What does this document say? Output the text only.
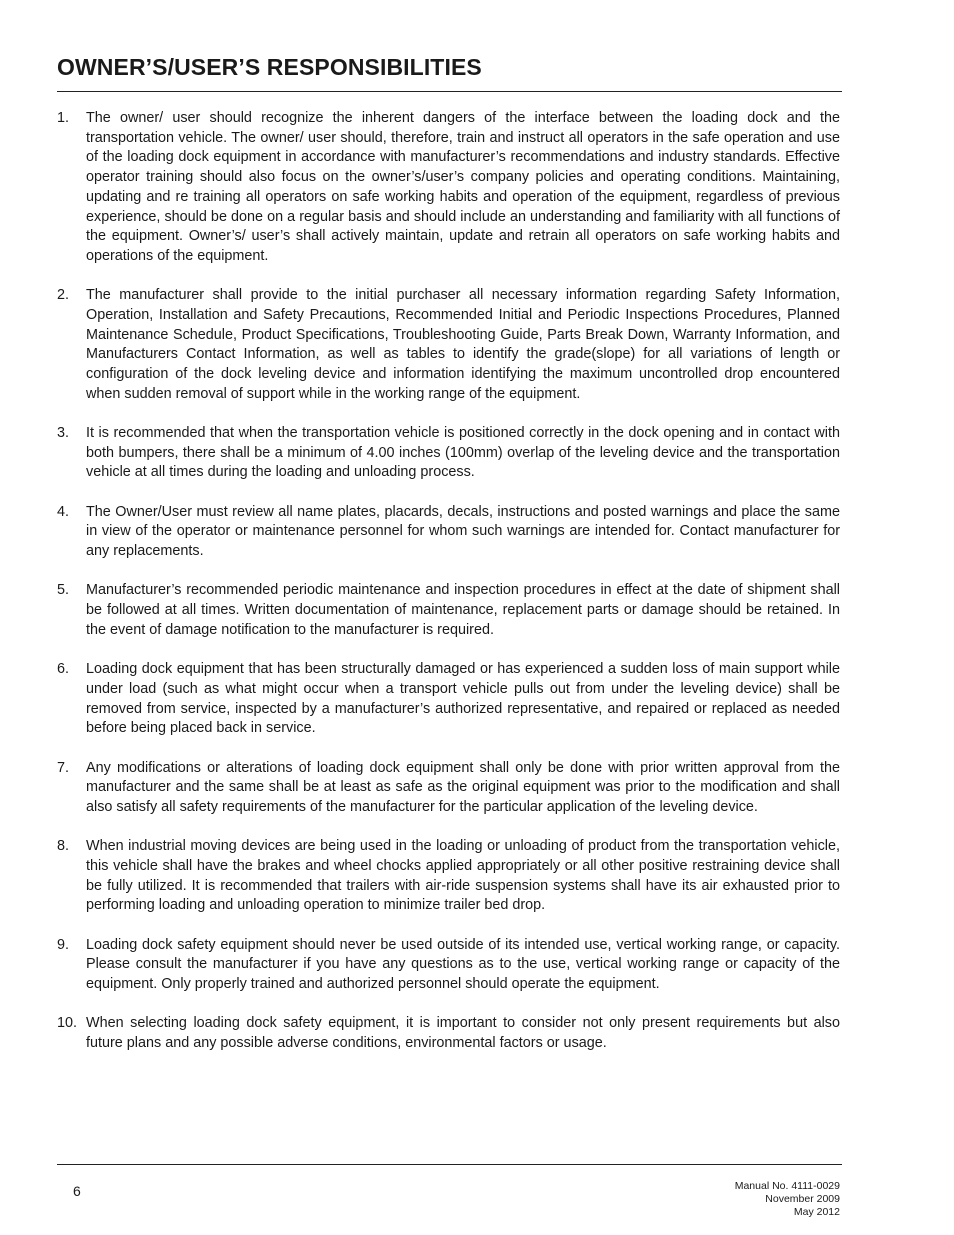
OWNER’S/USER’S RESPONSIBILITIES
1.	The owner/ user should recognize the inherent dangers of the interface between the loading dock and the transportation vehicle. The owner/ user should, therefore, train and instruct all operators in the safe operation and use of the loading dock equipment in accordance with manufacturer’s recommendations and industry standards. Effective operator training should also focus on the owner’s/user’s company policies and operating conditions. Maintaining, updating and re training all operators on safe working habits and operation of the equipment, regardless of previous experience, should be done on a regular basis and should include an understanding and familiarity with all functions of the equipment. Owner’s/ user’s shall actively maintain, update and retrain all operators on safe working habits and operations of the equipment.

2.	The manufacturer shall provide to the initial purchaser all necessary information regarding Safety Information, Operation, Installation and Safety Precautions, Recommended Initial and Periodic Inspections Procedures, Planned Maintenance Schedule, Product Specifications, Troubleshooting Guide, Parts Break Down, Warranty Information, and Manufacturers Contact Information, as well as tables to identify the grade(slope) for all variations of length or configuration of the dock leveling device and information identifying the maximum uncontrolled drop encountered when sudden removal of support while in the working range of the equipment.

3.	It is recommended that when the transportation vehicle is positioned correctly in the dock opening and in contact with both bumpers, there shall be a minimum of 4.00 inches (100mm) overlap of the leveling device and the transportation vehicle at all times during the loading and unloading process.

4.	The Owner/User must review all name plates, placards, decals, instructions and posted warnings and place the same in view of the operator or maintenance personnel for whom such warnings are intended for. Contact manufacturer for any replacements.

5.	Manufacturer’s recommended periodic maintenance and inspection procedures in effect at the date of shipment shall be followed at all times. Written documentation of maintenance, replacement parts or damage should be retained. In the event of damage notification to the manufacturer is required.

6.	Loading dock equipment that has been structurally damaged or has experienced a sudden loss of main support while under load (such as what might occur when a transport vehicle pulls out from under the leveling device) shall be removed from service, inspected by a manufacturer’s authorized representative, and repaired or replaced as needed before being placed back in service.

7.	Any modifications or alterations of loading dock equipment shall only be done with prior written approval from the manufacturer and the same shall be at least as safe as the original equipment was prior to the modification and shall also satisfy all safety requirements of the manufacturer for the particular application of the leveling device.

8.	When industrial moving devices are being used in the loading or unloading of product from the transportation vehicle, this vehicle shall have the brakes and wheel chocks applied appropriately or all other positive restraining device shall be fully utilized. It is recommended that trailers with air-ride suspension systems shall have its air exhausted prior to performing loading and unloading operation to minimize trailer bed drop.

9.	Loading dock safety equipment should never be used outside of its intended use, vertical working range, or capacity. Please consult the manufacturer if you have any questions as to the use, vertical working range or capacity of the equipment. Only properly trained and authorized personnel should operate the equipment.

10. When selecting loading dock safety equipment, it is important to consider not only present requirements but also future plans and any possible adverse conditions, environmental factors or usage.

6	Manual No. 4111-0029
November 2009
May 2012
